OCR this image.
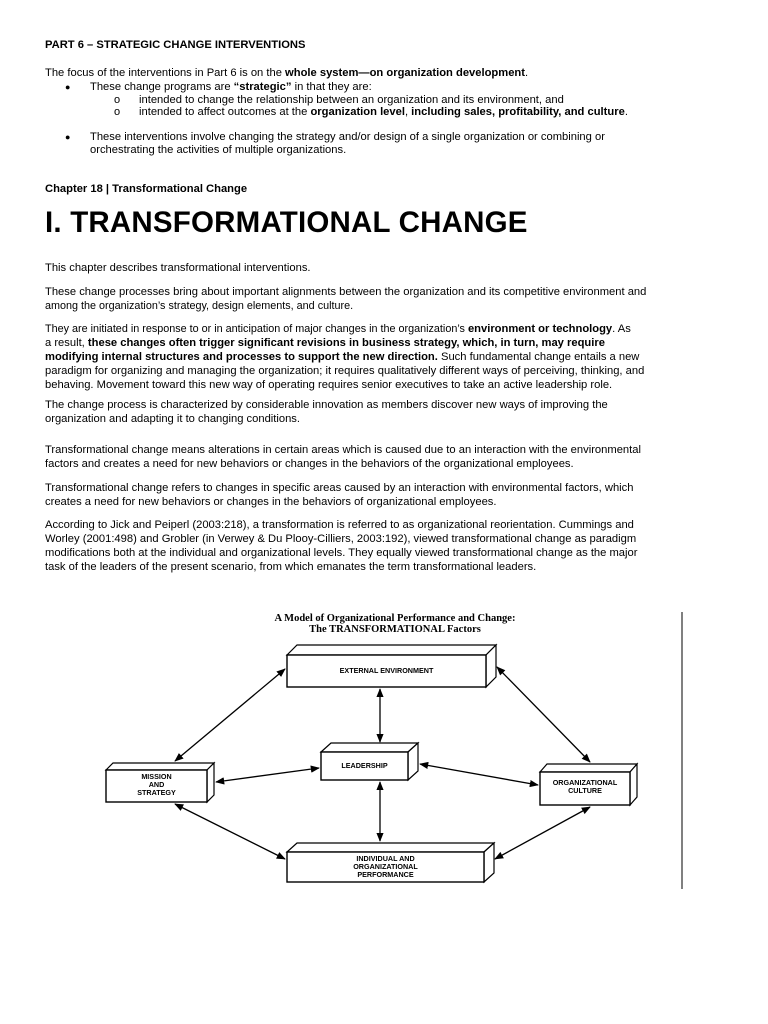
PART 6 – STRATEGIC CHANGE INTERVENTIONS

The focus of the interventions in Part 6 is on the whole system—on organization development.

● These change programs are “strategic” in that they are:
o intended to change the relationship between an organization and its environment, and
o intended to affect outcomes at the organization level, including sales, profitability, and culture.
● These interventions involve changing the strategy and/or design of a single organization or combining or
orchestrating the activities of multiple organizations.

Chapter 18 | Transformational Change

I. TRANSFORMATIONAL CHANGE

This chapter describes transformational interventions.

These change processes bring about important alignments between the organization and its competitive environment and
among the organization’s strategy, design elements, and culture.
They are initiated in response to or in anticipation of major changes in the organization’s environment or technology. As
a result, these changes often trigger significant revisions in business strategy, which, in turn, may require
modifying internal structures and processes to support the new direction. Such fundamental change entails a new
paradigm for organizing and managing the organization; it requires qualitatively different ways of perceiving, thinking, and
behaving. Movement toward this new way of operating requires senior executives to take an active leadership role.
The change process is characterized by considerable innovation as members discover new ways of improving the
organization and adapting it to changing conditions.
Transformational change means alterations in certain areas which is caused due to an interaction with the environmental
factors and creates a need for new behaviors or changes in the behaviors of the organizational employees.
Transformational change refers to changes in specific areas caused by an interaction with environmental factors, which
creates a need for new behaviors or changes in the behaviors of organizational employees.
According to Jick and Peiperl (2003:218), a transformation is referred to as organizational reorientation. Cummings and
Worley (2001:498) and Grobler (in Verwey & Du Plooy-Cilliers, 2003:192), viewed transformational change as paradigm
modifications both at the individual and organizational levels. They equally viewed transformational change as the major
task of the leaders of the present scenario, from which emanates the term transformational leaders.
A Model of Organizational Performance and Change:
The TRANSFORMATIONAL Factors
EXTERNAL ENVIRONMENT
LEADERSHIP
MISSION
AND
STRATEGY
ORGANIZATIONAL
CULTURE
INDIVIDUAL AND
ORGANIZATIONAL
PERFORMANCE
